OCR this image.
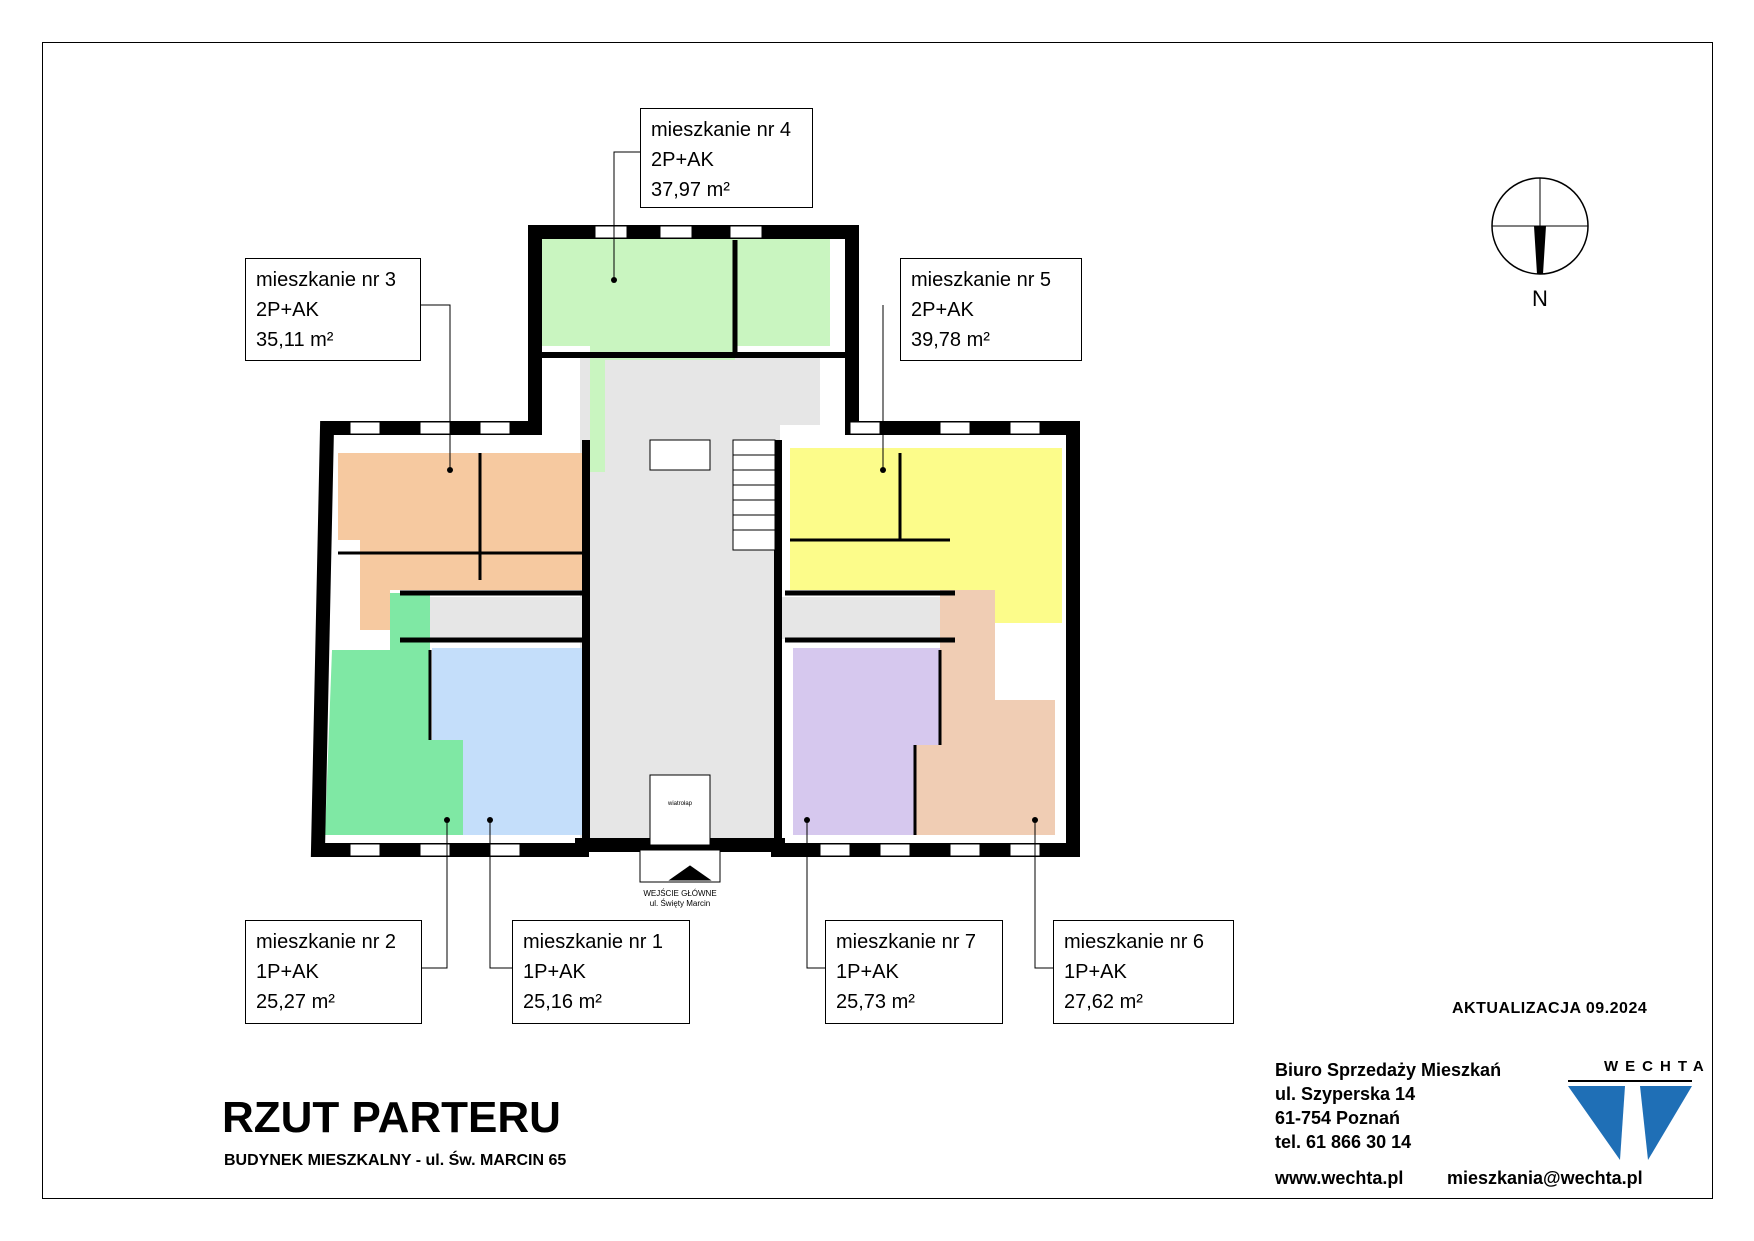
mieszkanie nr 4
2P+AK
37,97 m²
mieszkanie nr 3
2P+AK
35,11 m²
mieszkanie nr 5
2P+AK
39,78 m²
mieszkanie nr 2
1P+AK
25,27 m²
mieszkanie nr 1
1P+AK
25,16 m²
mieszkanie nr 7
1P+AK
25,73 m²
mieszkanie nr 6
1P+AK
27,62 m²
N
WEJŚCIE GŁÓWNE
ul. Święty Marcin
wiatrołap
RZUT PARTERU
BUDYNEK MIESZKALNY - ul. Św. MARCIN 65
AKTUALIZACJA 09.2024
Biuro Sprzedaży Mieszkań
ul. Szyperska 14
61-754 Poznań
tel. 61 866 30 14
www.wechta.pl mieszkania@wechta.pl
WECHTA
